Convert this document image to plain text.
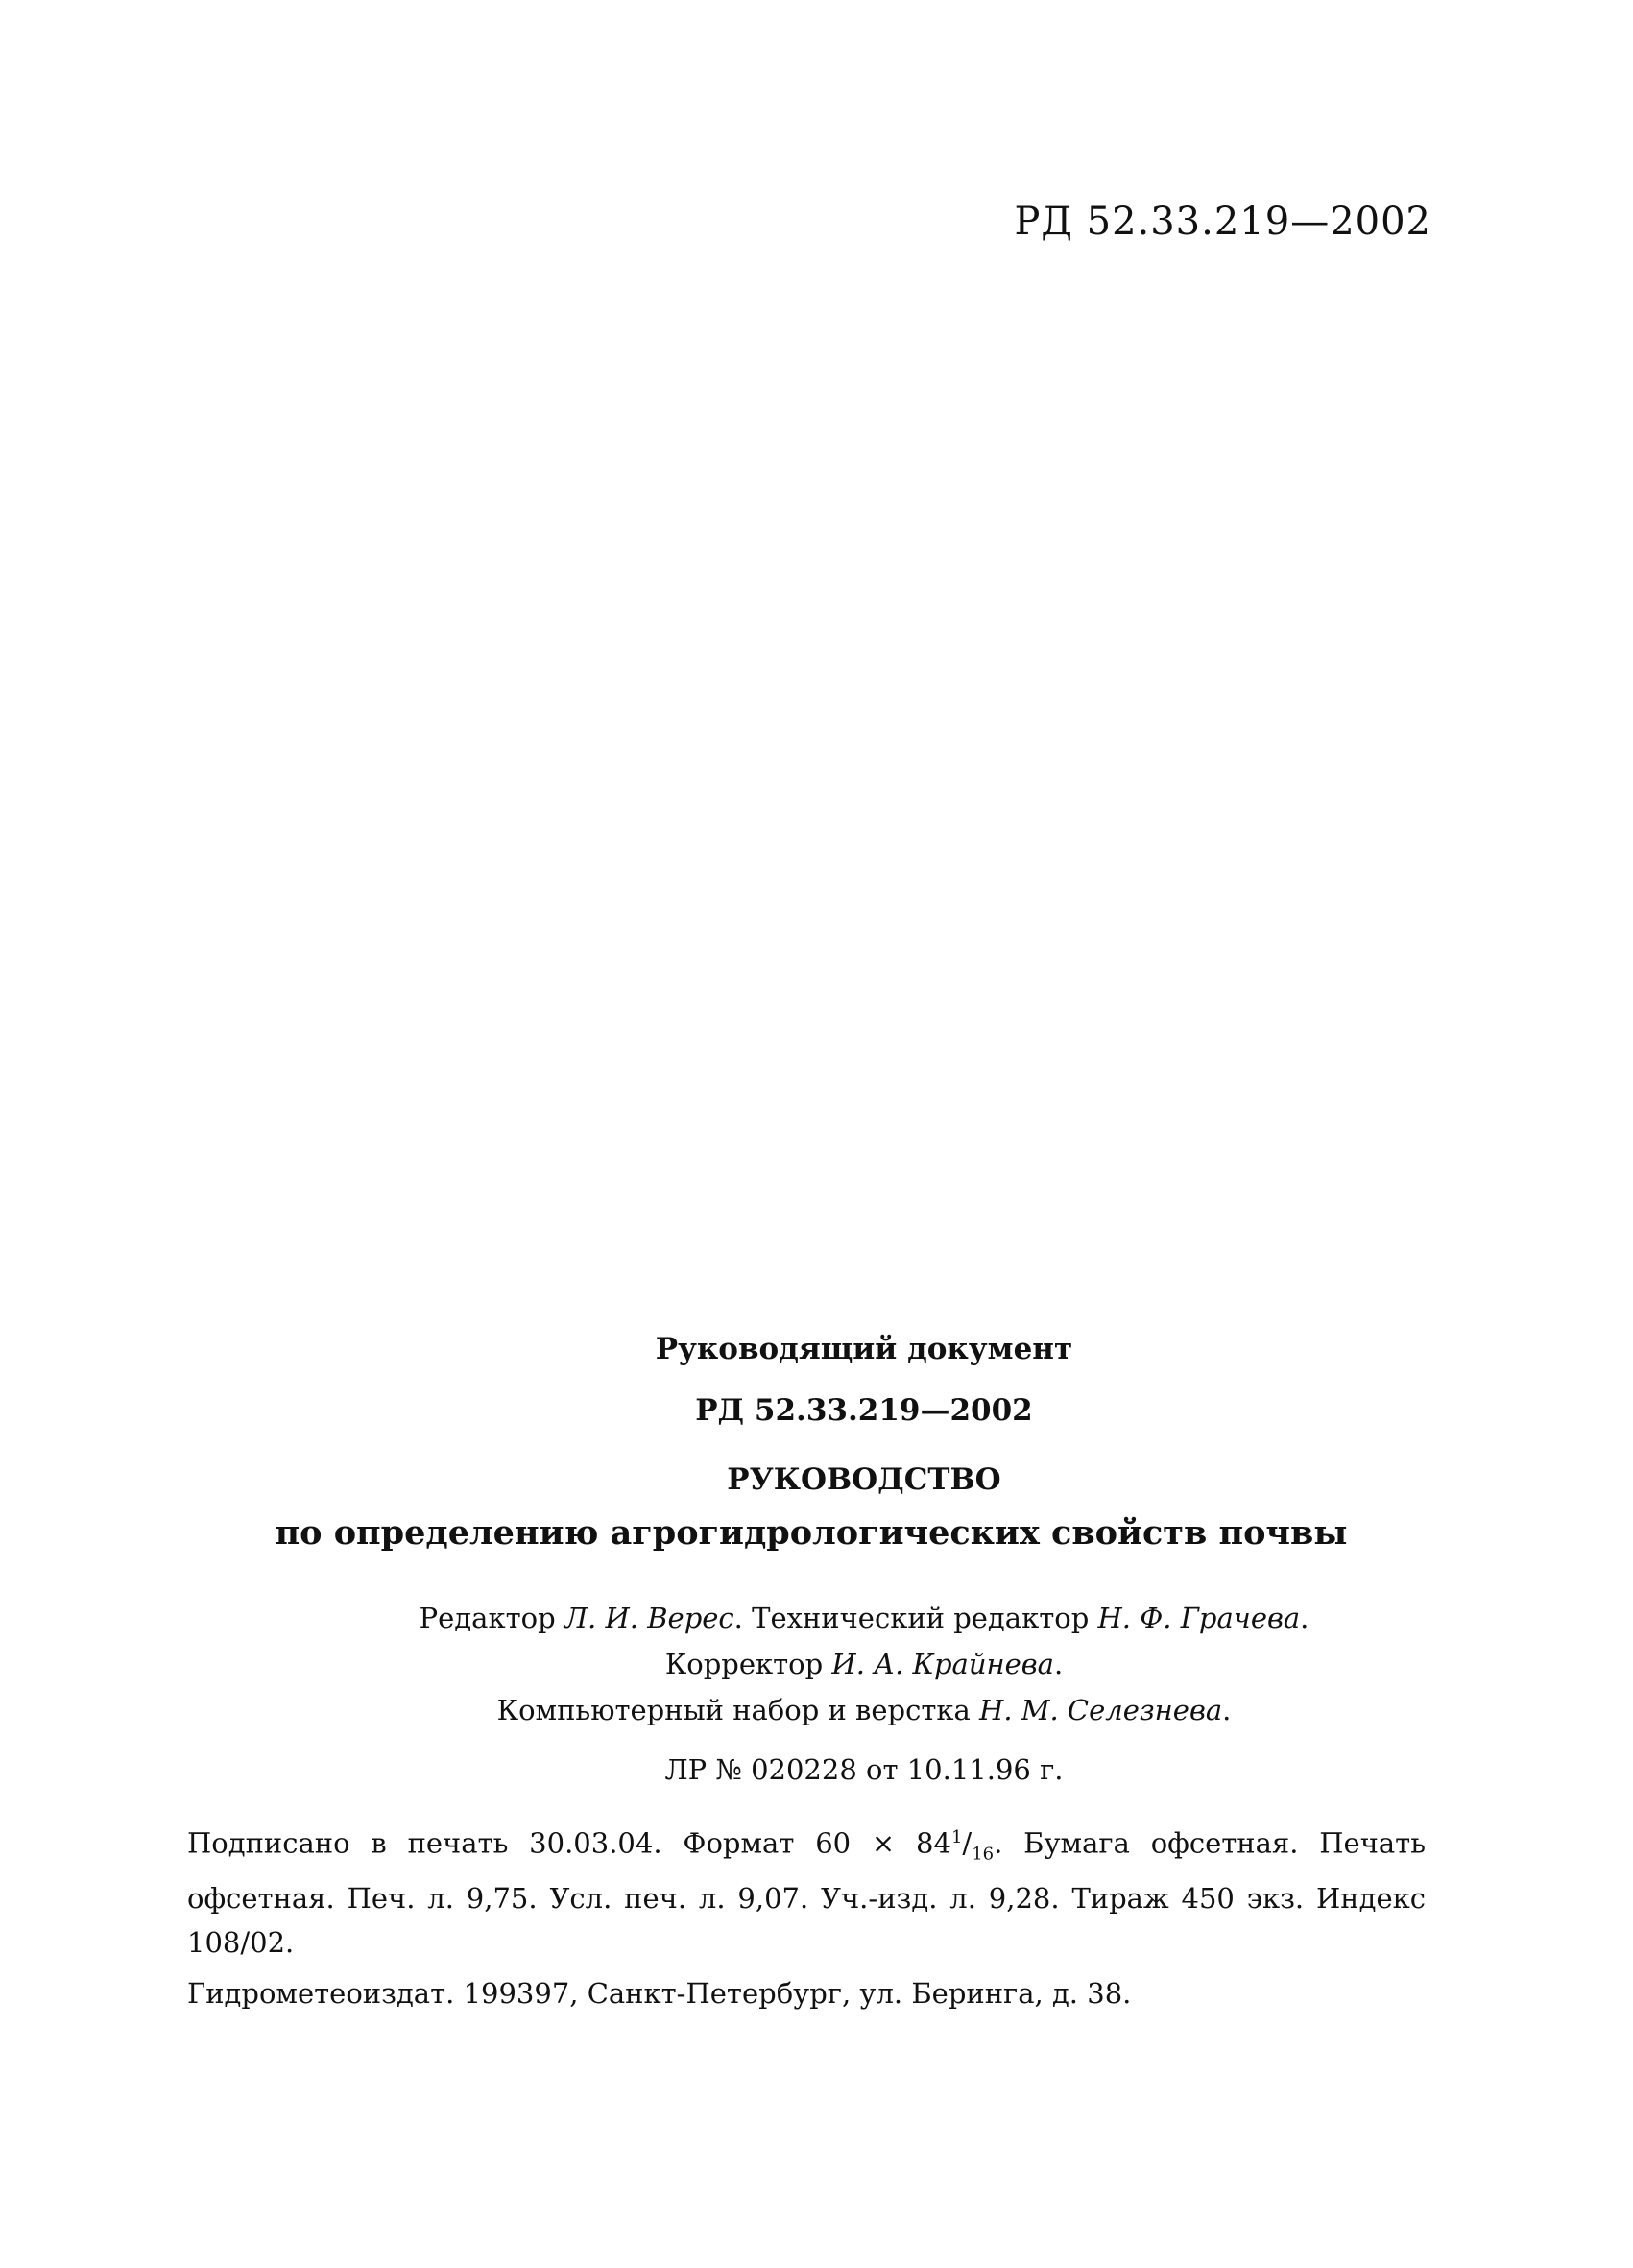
РД 52.33.219—2002
Руководящий документ
РД 52.33.219—2002
РУКОВОДСТВО
по определению агрогидрологических свойств почвы
Редактор Л. И. Верес. Технический редактор Н. Ф. Грачева.
Корректор И. А. Крайнева.
Компьютерный набор и верстка Н. М. Селезнева.
ЛР № 020228 от 10.11.96 г.
Подписано в печать 30.03.04. Формат $60 \times 84^1/_{16}$. Бумага офсетная. Печать офсетная. Печ. л. 9,75. Усл. печ. л. 9,07. Уч.-изд. л. 9,28. Тираж 450 экз. Индекс 108/02.
Гидрометеоиздат. 199397, Санкт-Петербург, ул. Беринга, д. 38.
